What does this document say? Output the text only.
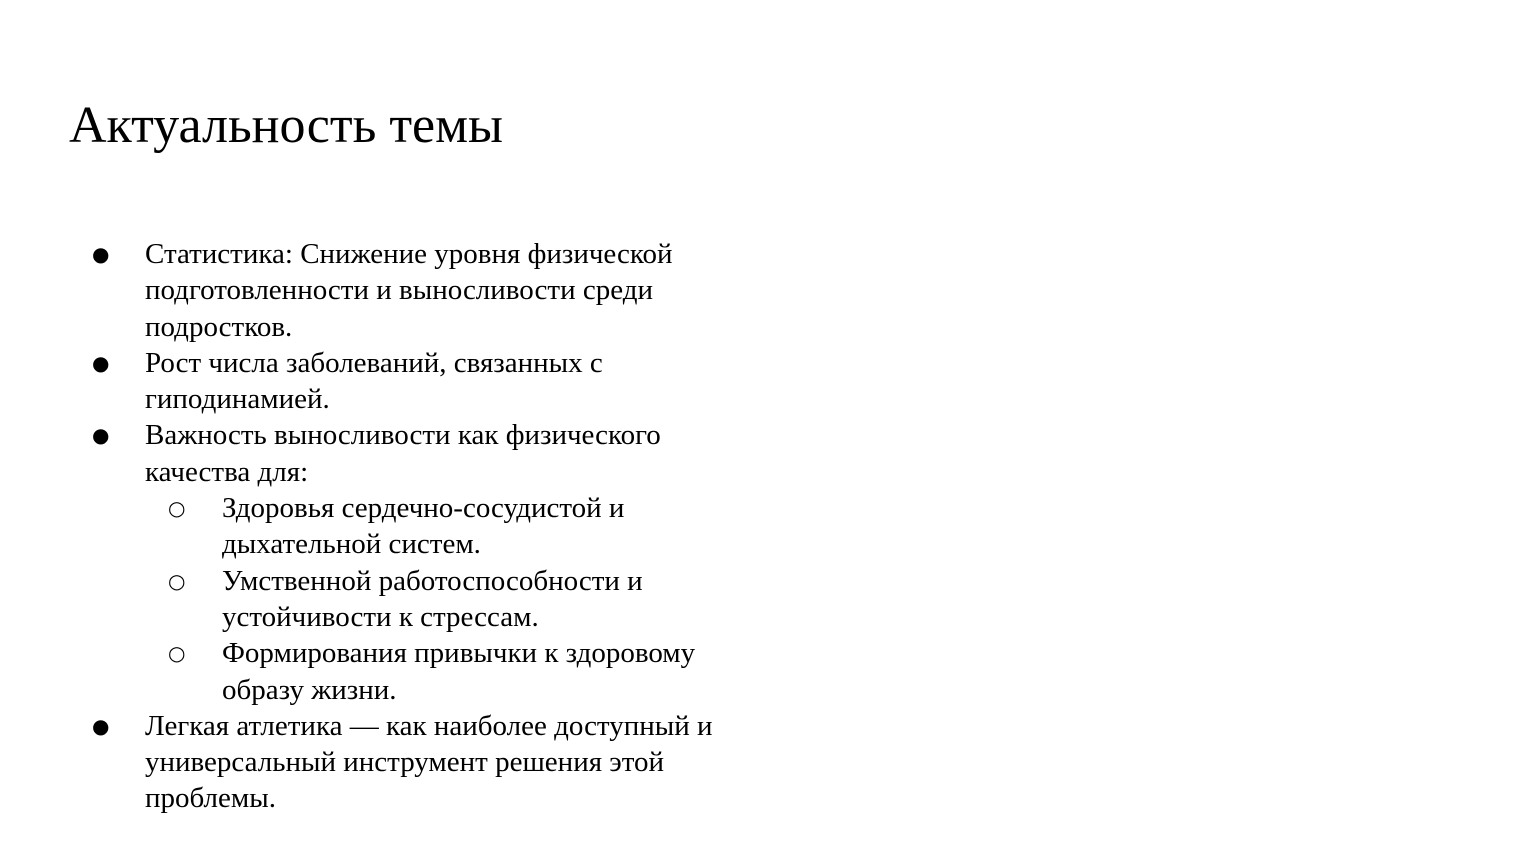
Актуальность темы
● Статистика: Снижение уровня физической подготовленности и выносливости среди подростков.
● Рост числа заболеваний, связанных с гиподинамией.
● Важность выносливости как физического качества для:
○ Здоровья сердечно-сосудистой и дыхательной систем.
○ Умственной работоспособности и устойчивости к стрессам.
○ Формирования привычки к здоровому образу жизни.
● Легкая атлетика — как наиболее доступный и универсальный инструмент решения этой проблемы.
